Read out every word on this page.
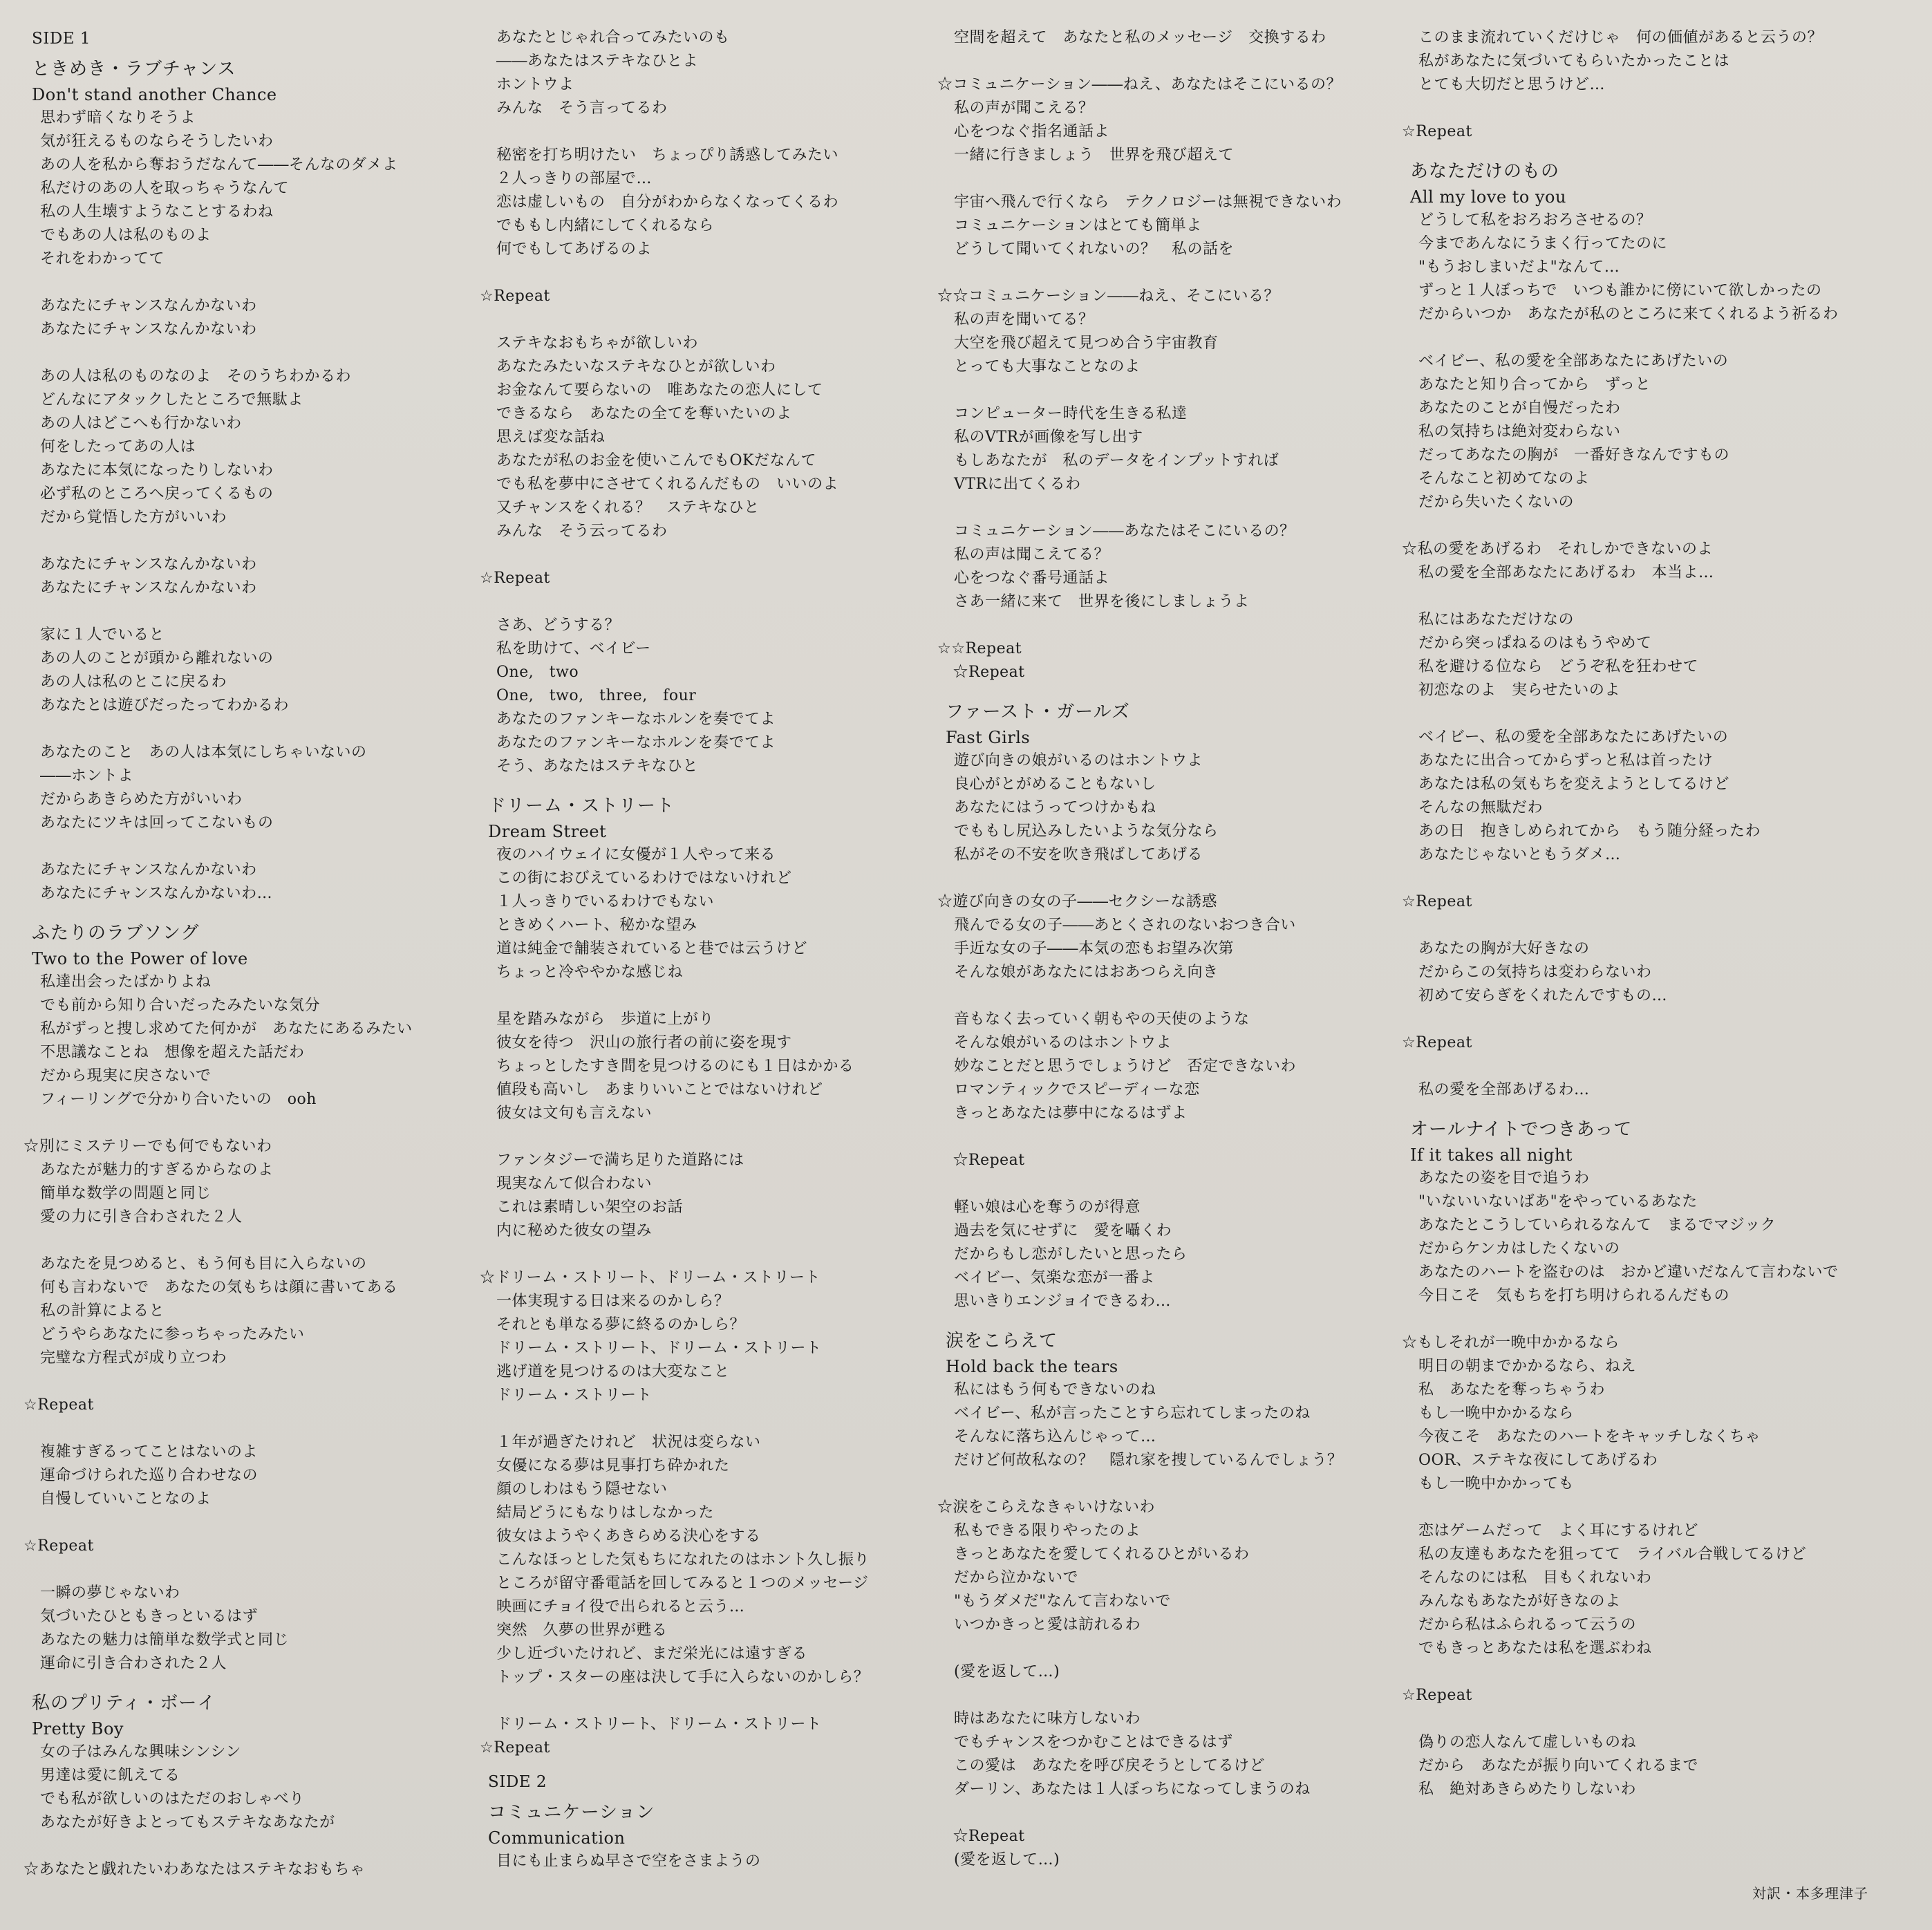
SIDE 1
ときめき・ラブチャンス
Don't stand another Chance
思わず暗くなりそうよ
気が狂えるものならそうしたいわ
あの人を私から奪おうだなんて――そんなのダメよ
私だけのあの人を取っちゃうなんて
私の人生壊すようなことするわね
でもあの人は私のものよ
それをわかってて
あなたにチャンスなんかないわ
あなたにチャンスなんかないわ
あの人は私のものなのよ　そのうちわかるわ
どんなにアタックしたところで無駄よ
あの人はどこへも行かないわ
何をしたってあの人は
あなたに本気になったりしないわ
必ず私のところへ戻ってくるもの
だから覚悟した方がいいわ
あなたにチャンスなんかないわ
あなたにチャンスなんかないわ
家に１人でいると
あの人のことが頭から離れないの
あの人は私のとこに戻るわ
あなたとは遊びだったってわかるわ
あなたのこと　あの人は本気にしちゃいないの
――ホントよ
だからあきらめた方がいいわ
あなたにツキは回ってこないもの
あなたにチャンスなんかないわ
あなたにチャンスなんかないわ…
ふたりのラブソング
Two to the Power of love
私達出会ったばかりよね
でも前から知り合いだったみたいな気分
私がずっと捜し求めてた何かが　あなたにあるみたい
不思議なことね　想像を超えた話だわ
だから現実に戻さないで
フィーリングで分かり合いたいの　ooh
☆別にミステリーでも何でもないわ
あなたが魅力的すぎるからなのよ
簡単な数学の問題と同じ
愛の力に引き合わされた２人
あなたを見つめると、もう何も目に入らないの
何も言わないで　あなたの気もちは顔に書いてある
私の計算によると
どうやらあなたに参っちゃったみたい
完璧な方程式が成り立つわ
☆Repeat
複雑すぎるってことはないのよ
運命づけられた巡り合わせなの
自慢していいことなのよ
☆Repeat
一瞬の夢じゃないわ
気づいたひともきっといるはず
あなたの魅力は簡単な数学式と同じ
運命に引き合わされた２人
私のプリティ・ボーイ
Pretty Boy
女の子はみんな興味シンシン
男達は愛に飢えてる
でも私が欲しいのはただのおしゃべり
あなたが好きよとってもステキなあなたが
☆あなたと戯れたいわあなたはステキなおもちゃ
あなたとじゃれ合ってみたいのも
――あなたはステキなひとよ
ホントウよ
みんな　そう言ってるわ
秘密を打ち明けたい　ちょっぴり誘惑してみたい
２人っきりの部屋で…
恋は虚しいもの　自分がわからなくなってくるわ
でももし内緒にしてくれるなら
何でもしてあげるのよ
☆Repeat
ステキなおもちゃが欲しいわ
あなたみたいなステキなひとが欲しいわ
お金なんて要らないの　唯あなたの恋人にして
できるなら　あなたの全てを奪いたいのよ
思えば変な話ね
あなたが私のお金を使いこんでもOKだなんて
でも私を夢中にさせてくれるんだもの　いいのよ
又チャンスをくれる？　ステキなひと
みんな　そう云ってるわ
☆Repeat
さあ、どうする？
私を助けて、ベイビー
One,　two
One,　two,　three,　four
あなたのファンキーなホルンを奏でてよ
あなたのファンキーなホルンを奏でてよ
そう、あなたはステキなひと
ドリーム・ストリート
Dream Street
夜のハイウェイに女優が１人やって来る
この街におびえているわけではないけれど
１人っきりでいるわけでもない
ときめくハート、秘かな望み
道は純金で舗装されていると巷では云うけど
ちょっと冷ややかな感じね
星を踏みながら　歩道に上がり
彼女を待つ　沢山の旅行者の前に姿を現す
ちょっとしたすき間を見つけるのにも１日はかかる
値段も高いし　あまりいいことではないけれど
彼女は文句も言えない
ファンタジーで満ち足りた道路には
現実なんて似合わない
これは素晴しい架空のお話
内に秘めた彼女の望み
☆ドリーム・ストリート、ドリーム・ストリート
一体実現する日は来るのかしら？
それとも単なる夢に終るのかしら？
ドリーム・ストリート、ドリーム・ストリート
逃げ道を見つけるのは大変なこと
ドリーム・ストリート
１年が過ぎたけれど　状況は変らない
女優になる夢は見事打ち砕かれた
顔のしわはもう隠せない
結局どうにもなりはしなかった
彼女はようやくあきらめる決心をする
こんなほっとした気もちになれたのはホント久し振り
ところが留守番電話を回してみると１つのメッセージ
映画にチョイ役で出られると云う…
突然　久夢の世界が甦る
少し近づいたけれど、まだ栄光には遠すぎる
トップ・スターの座は決して手に入らないのかしら？
ドリーム・ストリート、ドリーム・ストリート
☆Repeat
SIDE 2
コミュニケーション
Communication
目にも止まらぬ早さで空をさまようの
空間を超えて　あなたと私のメッセージ　交換するわ
☆コミュニケーション――ねえ、あなたはそこにいるの？
私の声が聞こえる？
心をつなぐ指名通話よ
一緒に行きましょう　世界を飛び超えて
宇宙へ飛んで行くなら　テクノロジーは無視できないわ
コミュニケーションはとても簡単よ
どうして聞いてくれないの？　私の話を
☆☆コミュニケーション――ねえ、そこにいる？
私の声を聞いてる？
大空を飛び超えて見つめ合う宇宙教育
とっても大事なことなのよ
コンピューター時代を生きる私達
私のVTRが画像を写し出す
もしあなたが　私のデータをインプットすれば
VTRに出てくるわ
コミュニケーション――あなたはそこにいるの？
私の声は聞こえてる？
心をつなぐ番号通話よ
さあ一緒に来て　世界を後にしましょうよ
☆☆Repeat
　☆Repeat
ファースト・ガールズ
Fast Girls
遊び向きの娘がいるのはホントウよ
良心がとがめることもないし
あなたにはうってつけかもね
でももし尻込みしたいような気分なら
私がその不安を吹き飛ばしてあげる
☆遊び向きの女の子――セクシーな誘惑
飛んでる女の子――あとくされのないおつき合い
手近な女の子――本気の恋もお望み次第
そんな娘があなたにはおあつらえ向き
音もなく去っていく朝もやの天使のような
そんな娘がいるのはホントウよ
妙なことだと思うでしょうけど　否定できないわ
ロマンティックでスピーディーな恋
きっとあなたは夢中になるはずよ
　☆Repeat
軽い娘は心を奪うのが得意
過去を気にせずに　愛を囁くわ
だからもし恋がしたいと思ったら
ベイビー、気楽な恋が一番よ
思いきりエンジョイできるわ…
涙をこらえて
Hold back the tears
私にはもう何もできないのね
ベイビー、私が言ったことすら忘れてしまったのね
そんなに落ち込んじゃって…
だけど何故私なの？　隠れ家を捜しているんでしょう？
☆涙をこらえなきゃいけないわ
私もできる限りやったのよ
きっとあなたを愛してくれるひとがいるわ
だから泣かないで
"もうダメだ"なんて言わないで
いつかきっと愛は訪れるわ
(愛を返して…)
時はあなたに味方しないわ
でもチャンスをつかむことはできるはず
この愛は　あなたを呼び戻そうとしてるけど
ダーリン、あなたは１人ぼっちになってしまうのね
　☆Repeat
(愛を返して…)
このまま流れていくだけじゃ　何の価値があると云うの？
私があなたに気づいてもらいたかったことは
とても大切だと思うけど…
☆Repeat
あなただけのもの
All my love to you
どうして私をおろおろさせるの？
今まであんなにうまく行ってたのに
"もうおしまいだよ"なんて…
ずっと１人ぼっちで　いつも誰かに傍にいて欲しかったの
だからいつか　あなたが私のところに来てくれるよう祈るわ
ベイビー、私の愛を全部あなたにあげたいの
あなたと知り合ってから　ずっと
あなたのことが自慢だったわ
私の気持ちは絶対変わらない
だってあなたの胸が　一番好きなんですもの
そんなこと初めてなのよ
だから失いたくないの
☆私の愛をあげるわ　それしかできないのよ
私の愛を全部あなたにあげるわ　本当よ…
私にはあなただけなの
だから突っぱねるのはもうやめて
私を避ける位なら　どうぞ私を狂わせて
初恋なのよ　実らせたいのよ
ベイビー、私の愛を全部あなたにあげたいの
あなたに出合ってからずっと私は首ったけ
あなたは私の気もちを変えようとしてるけど
そんなの無駄だわ
あの日　抱きしめられてから　もう随分経ったわ
あなたじゃないともうダメ…
☆Repeat
あなたの胸が大好きなの
だからこの気持ちは変わらないわ
初めて安らぎをくれたんですもの…
☆Repeat
私の愛を全部あげるわ…
オールナイトでつきあって
If it takes all night
あなたの姿を目で追うわ
"いないいないばあ"をやっているあなた
あなたとこうしていられるなんて　まるでマジック
だからケンカはしたくないの
あなたのハートを盗むのは　おかど違いだなんて言わないで
今日こそ　気もちを打ち明けられるんだもの
☆もしそれが一晩中かかるなら
明日の朝までかかるなら、ねえ
私　あなたを奪っちゃうわ
もし一晩中かかるなら
今夜こそ　あなたのハートをキャッチしなくちゃ
OOR、ステキな夜にしてあげるわ
もし一晩中かかっても
恋はゲームだって　よく耳にするけれど
私の友達もあなたを狙ってて　ライバル合戦してるけど
そんなのには私　目もくれないわ
みんなもあなたが好きなのよ
だから私はふられるって云うの
でもきっとあなたは私を選ぶわね
☆Repeat
偽りの恋人なんて虚しいものね
だから　あなたが振り向いてくれるまで
私　絶対あきらめたりしないわ
対訳・本多理津子
